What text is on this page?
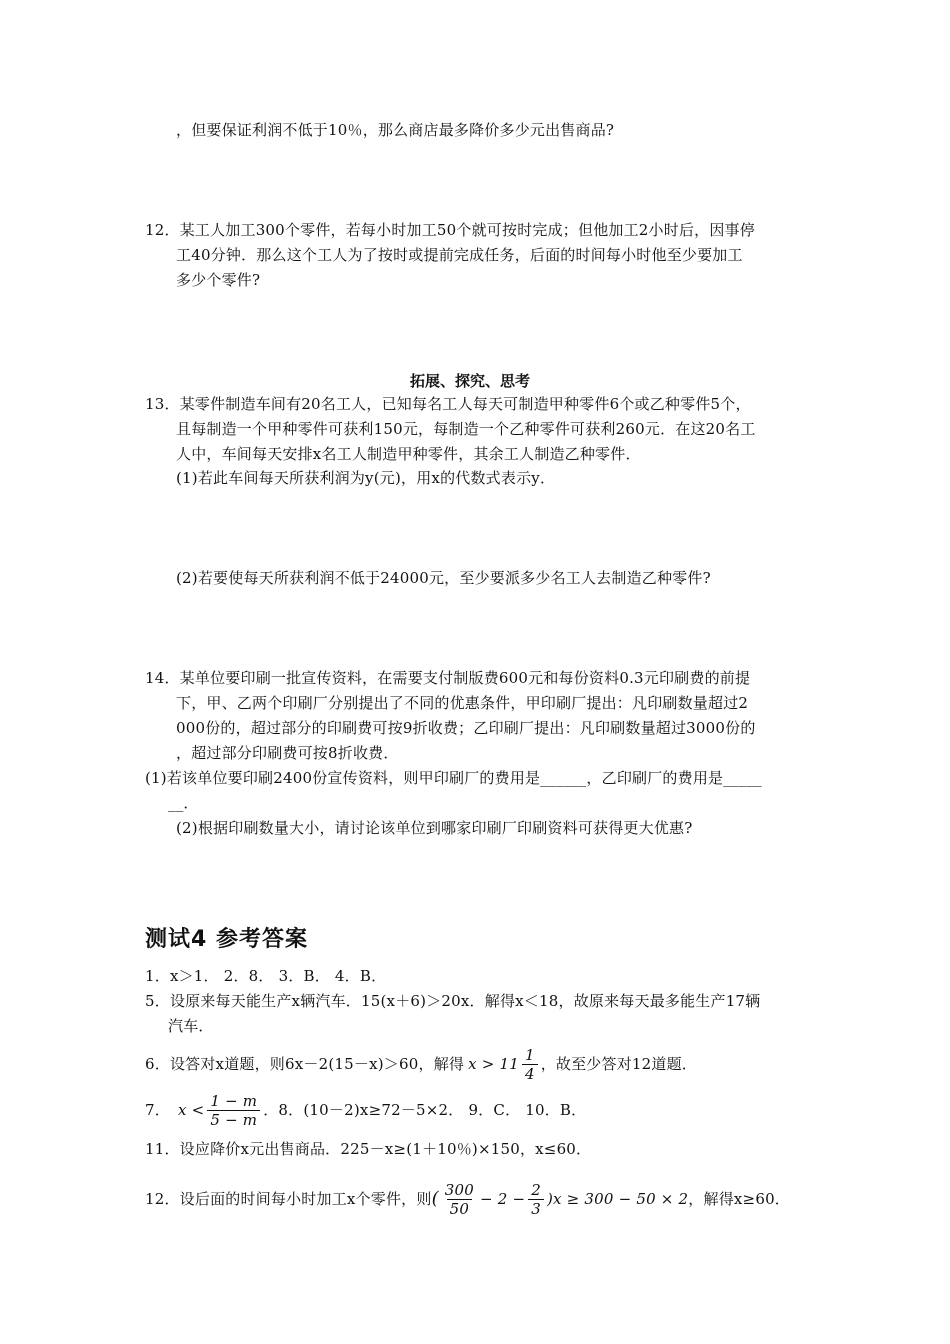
，但要保证利润不低于10％，那么商店最多降价多少元出售商品?
12．某工人加工300个零件，若每小时加工50个就可按时完成；但他加工2小时后，因事停
工40分钟．那么这个工人为了按时或提前完成任务，后面的时间每小时他至少要加工
多少个零件?
拓展、探究、思考
13．某零件制造车间有20名工人，已知每名工人每天可制造甲种零件6个或乙种零件5个，
且每制造一个甲种零件可获利150元，每制造一个乙种零件可获利260元．在这20名工
人中，车间每天安排x名工人制造甲种零件，其余工人制造乙种零件．
(1)若此车间每天所获利润为y(元)，用x的代数式表示y．
(2)若要使每天所获利润不低于24000元，至少要派多少名工人去制造乙种零件?
14．某单位要印刷一批宣传资料，在需要支付制版费600元和每份资料0.3元印刷费的前提
下，甲、乙两个印刷厂分别提出了不同的优惠条件，甲印刷厂提出：凡印刷数量超过2
000份的，超过部分的印刷费可按9折收费；乙印刷厂提出：凡印刷数量超过3000份的
，超过部分印刷费可按8折收费．
(1)若该单位要印刷2400份宣传资料，则甲印刷厂的费用是______，乙印刷厂的费用是_____
__．
(2)根据印刷数量大小，请讨论该单位到哪家印刷厂印刷资料可获得更大优惠?
测试4 参考答案
1．x＞1． 2．8． 3．B． 4．B．
5．设原来每天能生产x辆汽车．15(x＋6)＞20x．解得x＜18，故原来每天最多能生产17辆
汽车．
6．设答对x道题，则6x－2(15－x)＞60，解得 $x > 11 \frac{1}{4}$ ，故至少答对12道题．
7． $x < \frac{1 - m}{5 - m}$ ．8．(10－2)x≥72－5×2． 9．C． 10．B．
11．设应降价x元出售商品．225－x≥(1＋10％)×150，x≤60．
12．设后面的时间每小时加工x个零件，则 ( $\frac{300}{50} - 2 - \frac{2}{3} )x \ge 300 - 50 \times 2$ ，解得x≥60．
